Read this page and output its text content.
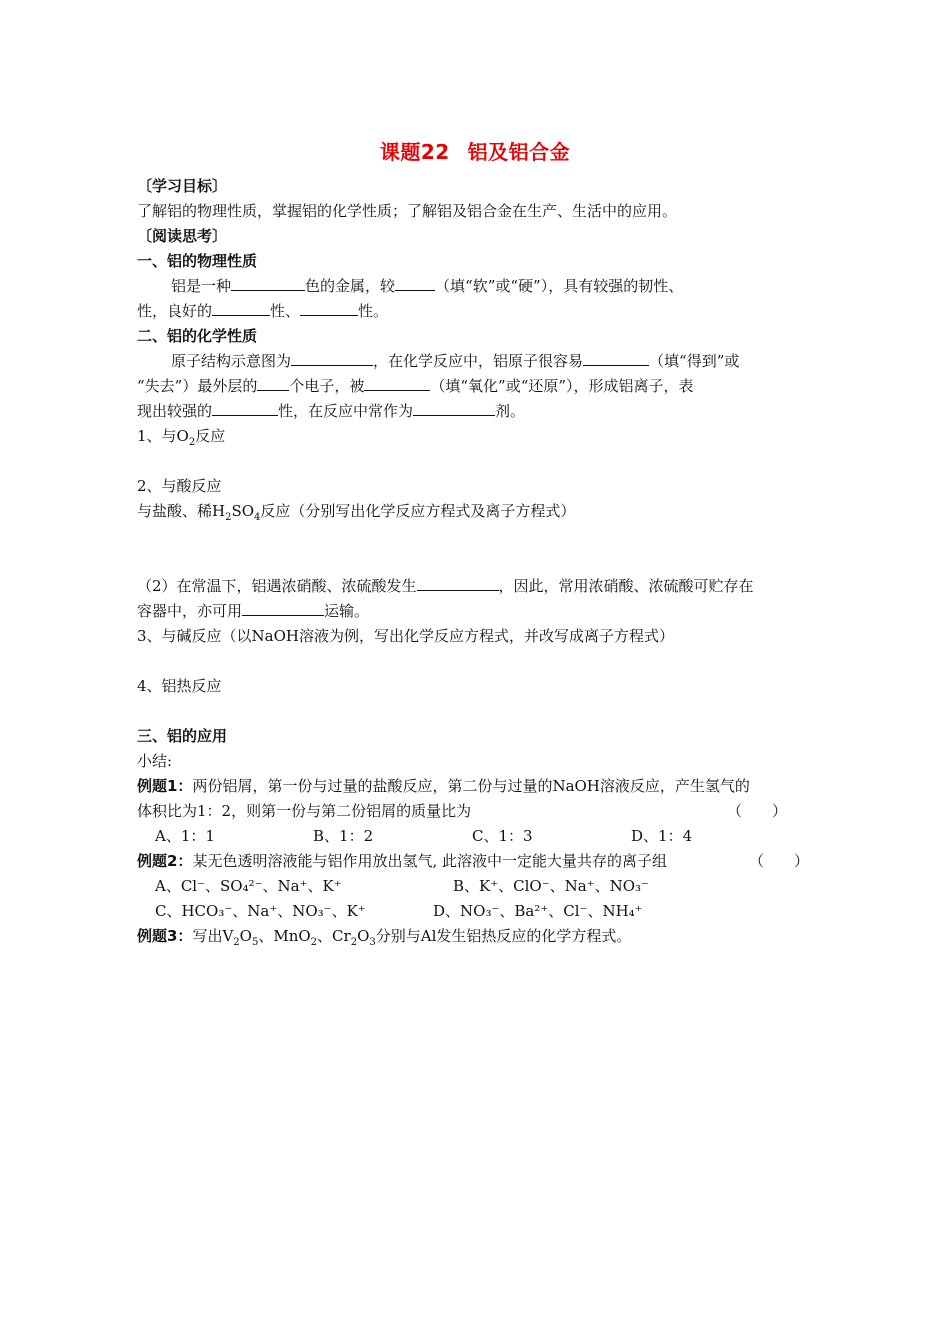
课题22 铝及铝合金
〔学习目标〕
了解铝的物理性质，掌握铝的化学性质；了解铝及铝合金在生产、生活中的应用。
〔阅读思考〕
一、铝的物理性质
铝是一种	色的金属，较	（填“软”或“硬”），具有较强的韧性、
性，良好的	性、	性。
二、铝的化学性质
原子结构示意图为	，在化学反应中，铝原子很容易	（填“得到”或
“失去”）最外层的 个电子，被	（填“氧化”或“还原”），形成铝离子，表
现出较强的	性，在反应中常作为	剂。
1、与$O_2$反应
2、与酸反应
与盐酸、稀$H_2SO_4$反应（分别写出化学反应方程式及离子方程式）
（2）在常温下，铝遇浓硝酸、浓硫酸发生	，因此，常用浓硝酸、浓硫酸可贮存在
容器中，亦可用	运输。
3、与碱反应（以NaOH溶液为例，写出化学反应方程式，并改写成离子方程式）
4、铝热反应
三、铝的应用
小结:
例题1：两份铝屑，第一份与过量的盐酸反应，第二份与过量的NaOH溶液反应，产生氢气的
体积比为1：2，则第一份与第二份铝屑的质量比为	（　　）
A、1：1	B、1：2	C、1：3	D、1：4
例题2：某无色透明溶液能与铝作用放出氢气, 此溶液中一定能大量共存的离子组	（　　）
A、Cl⁻、SO₄²⁻、Na⁺、K⁺	B、K⁺、ClO⁻、Na⁺、NO₃⁻
C、HCO₃⁻、Na⁺、NO₃⁻、K⁺	D、NO₃⁻、Ba²⁺、Cl⁻、NH₄⁺
例题3：写出$V_2O_5$、MnO$_2$、$Cr_2O_3$分别与Al发生铝热反应的化学方程式。
